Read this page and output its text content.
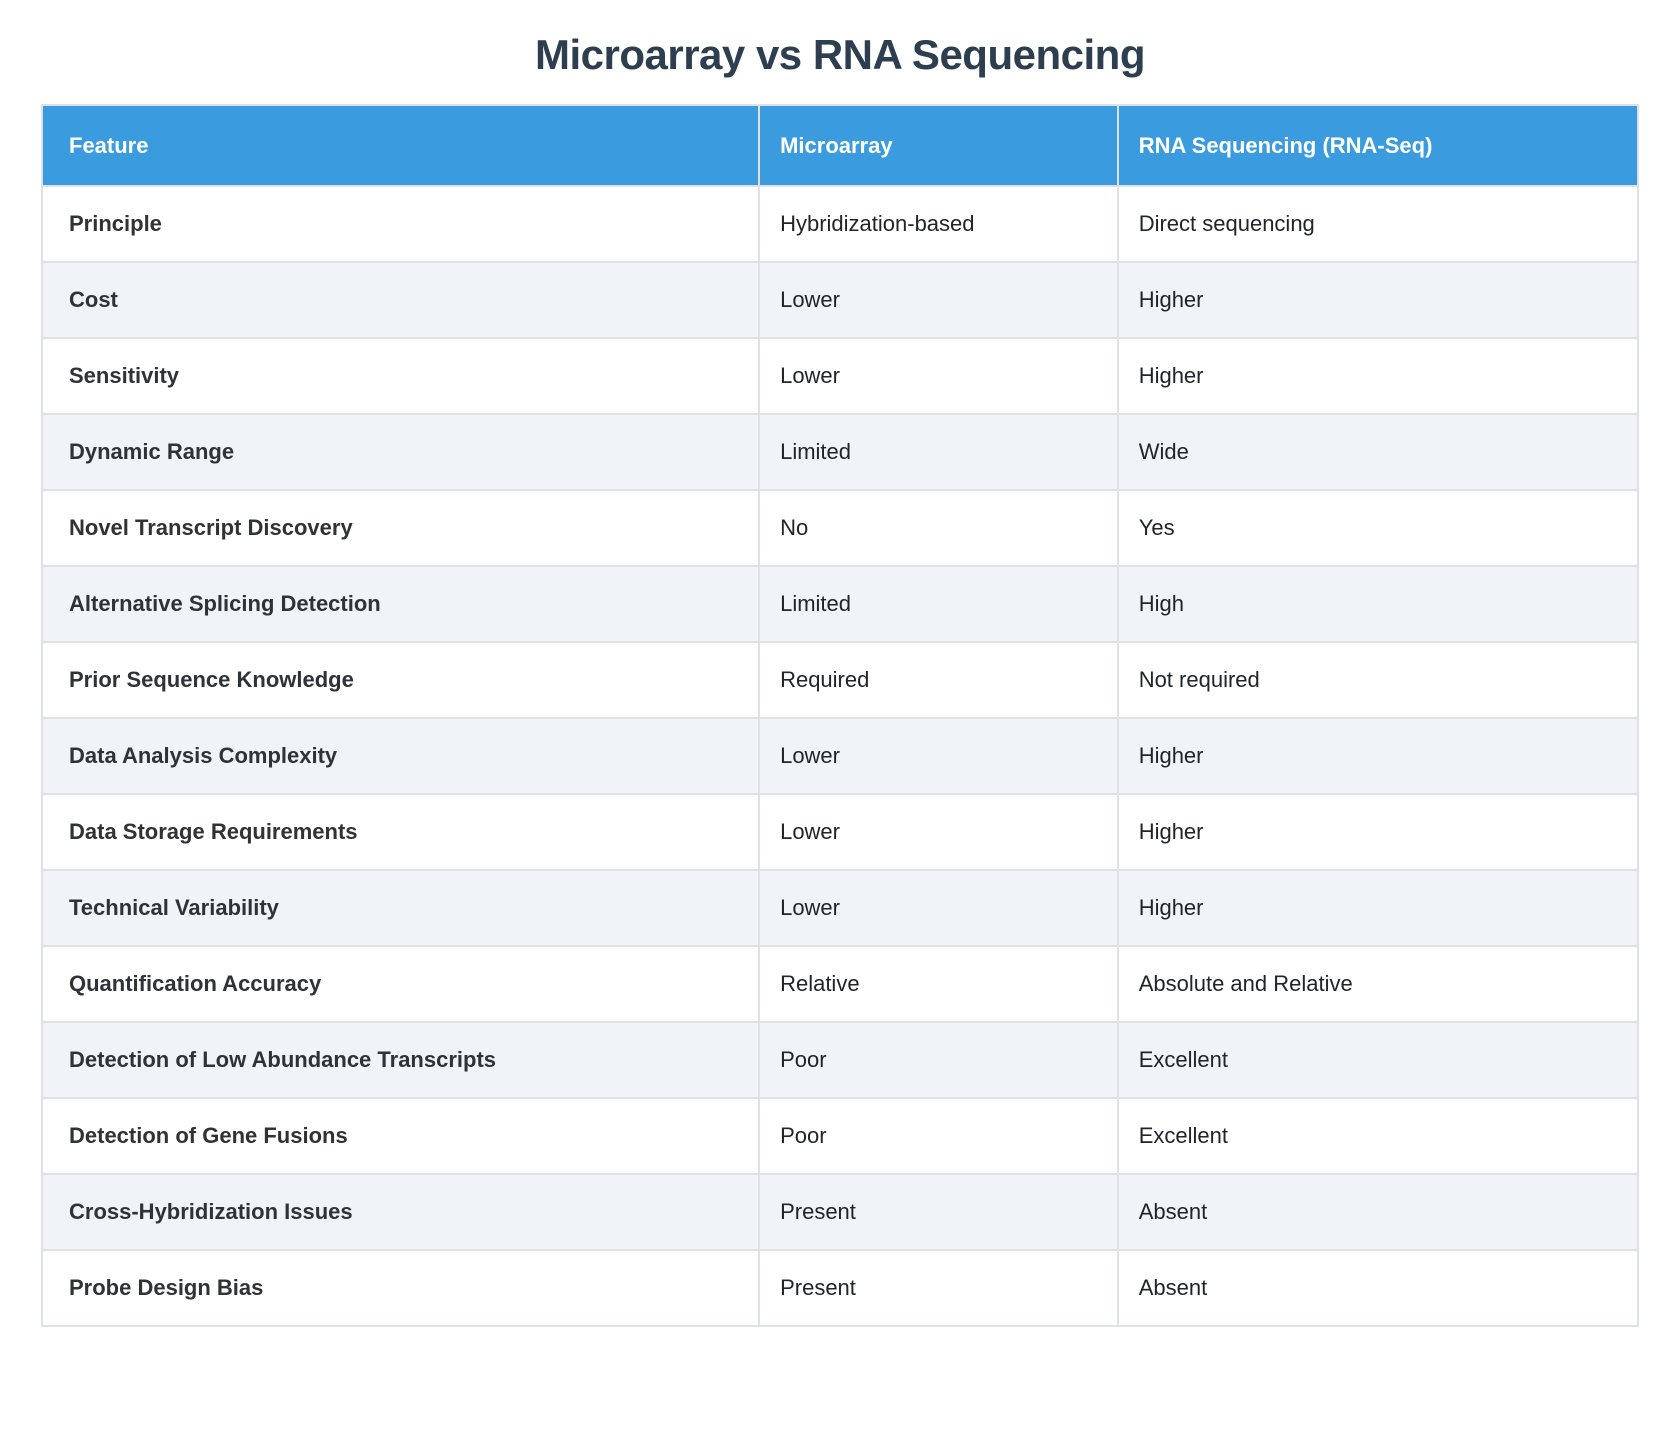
Microarray vs RNA Sequencing
Feature	Microarray	RNA Sequencing (RNA-Seq)
Principle	Hybridization-based	Direct sequencing
Cost	Lower	Higher
Sensitivity	Lower	Higher
Dynamic Range	Limited	Wide
Novel Transcript Discovery	No	Yes
Alternative Splicing Detection	Limited	High
Prior Sequence Knowledge	Required	Not required
Data Analysis Complexity	Lower	Higher
Data Storage Requirements	Lower	Higher
Technical Variability	Lower	Higher
Quantification Accuracy	Relative	Absolute and Relative
Detection of Low Abundance Transcripts	Poor	Excellent
Detection of Gene Fusions	Poor	Excellent
Cross-Hybridization Issues	Present	Absent
Probe Design Bias	Present	Absent
